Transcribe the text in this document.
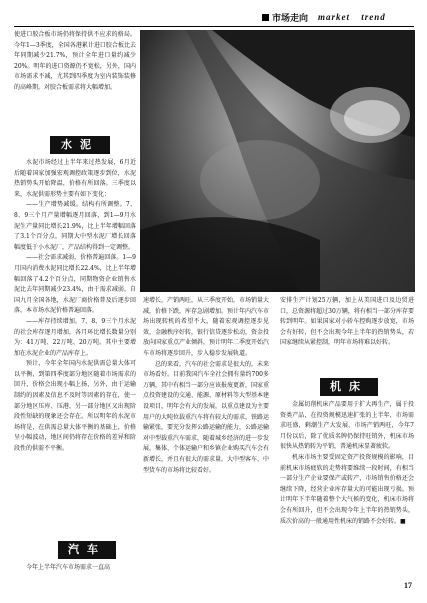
市场走向 market trend

使进口胶合板市场仍将保持供不应求的格局。今年1—3季度，全国各港累计进口胶合板比去年同期减少21.7%，预计全年进口量约减少20%。明年的进口资源仍不宽松，另外，国内市场需求不减，尤其到四季度为室内装饰装修的高峰期，对胶合板需求将大幅增加。

水泥

水泥市场经过上半年来过热发展，6月近后随着国家加强宏观调控政策逐步到位，水泥热销势头开始降温，价格有所回落。三季度以来，水泥供需形势主要有如下变化：

——生产增势减缓。结构有所调整。7、8、9三个月产量增幅逐月回落，到1—9月水泥生产量同比增长21.9%，比上半年增幅回落了3.1个百分点，同期大中型水泥厂增长回落幅度低于小水泥厂，产品结构得到一定调整。

——社会需求减弱，价格普遍回落。1—9月国内消费水泥同比增长22.4%，比上半年增幅回落了4.2个百分点，同期物资企业销售水泥比去年同期减少23.4%，由于需求减弱，自国九月全国各地，水泥厂商价格普及后逐步回落，本市场水泥价格普遍回落。

——库存持续增加。7、8、9三个月水泥的社会库存逐月增加，各月环比增长数量分别为：41万吨、22万吨、20万吨。其中主要增加在水泥企业的产品库存上。

预计，今年全年国内水泥供需总量大体可以平衡，到第四季度部分地区随着市场需求的回升，价格会出现小幅上扬，另外，由于运输制约的因素及信息不及时等因素的存在，使一部分地区压库、压港，另一部分地区又出现阶段性短缺的现象还会存在。所以明年的水泥市场将是，在供需总量大体平衡的基础上，价格呈小幅波动，地区间仍将存在价格的差异和阶段性的供需不平衡。

汽车

今年上半年汽车市场需求一直高

速增长，产销两旺，从三季度开始，市场销量大减，价格下跌，库存急剧增加。预计年内汽车市场出现转机的希望不大，随着宏观调控逐步见效，金融秩序好转，银行信贷逐步松动，资金投放向国家重点产业倾斜，预计明年二季度开始汽车市场将逐步回升，步入稳步发展轨道。

总的来看，汽车的社会需求是很大的，未来市场看好。目前我国汽车全社会拥有量约700多万辆，其中有相当一部分应该报废更新，国家重点投资建设的交通、能源、原材料等大型基本建设项目，明年会有大的发展，以重点建设为主要用户的大吨位载重汽车将有较大的需求，铁路运输紧张，要充分发挥公路运输的能力，公路运输对中型载重汽车需求，随着城乡经济的进一步发展，集体、个体运输户和乡镇企业购买汽车会有新增长，并且有很大的需求量。大中型客车、中型货车的市场将比较看好。

安排生产计划25万辆，加上从美国进口及边贸进口，总资源将超过30万辆，将有相当一部分库存要转到明年。如果国家对小轿车控购逐步放宽，市场会有好转，但不会出现今年上半年的热销势头，若国家继续从紧控制，明年市场将难以好转。

机床

金属切削机床产品要用于扩大再生产，属于投资类产品，在投资规模迅速扩张的上半年，市场需求旺盛，剩潮生产大发展，市场产销两旺，今年7月份以后，除了优质名牌仍保持旺销外，机床市场很快从热销转为平销，普通机床显著疲软。

机床市场主要受固定资产投资规模的影响，目前机床市场疲软的走势将要维续一段时间，有相当一部分生产企业要保产或转产，市场销售价格还会继续下降，经营企业库存量大的可能出现亏损。预计明年下半年随着整个大气候的变化，机床市场将会有所回升，但不会出现今年上半年的热销势头，质次价高的一般通用性机床的销路不会好转。■

17
